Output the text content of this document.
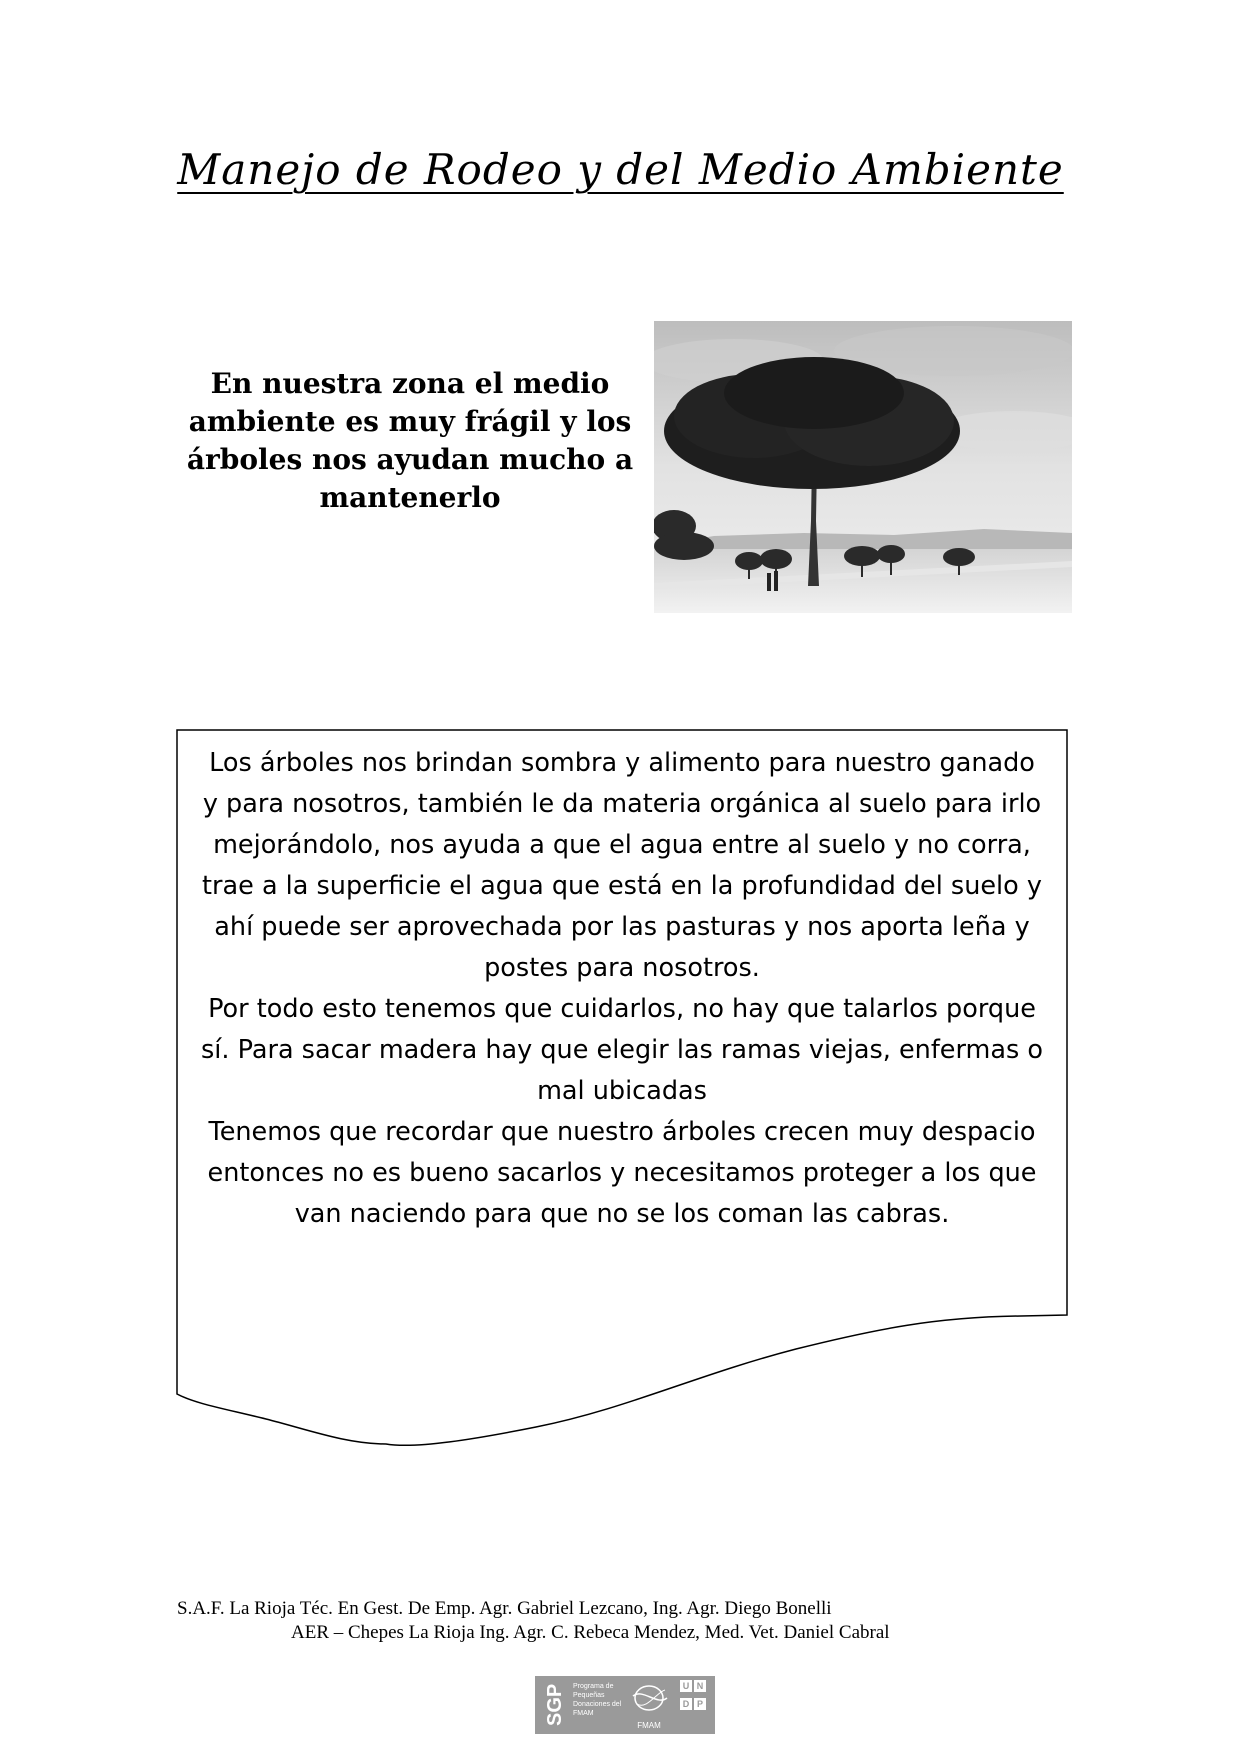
Manejo de Rodeo y del Medio Ambiente
En nuestra zona el medio ambiente es muy frágil y los árboles nos ayudan mucho a mantenerlo

Los árboles nos brindan sombra y alimento para nuestro ganado y para nosotros, también le da materia orgánica al suelo para irlo mejorándolo, nos ayuda a que el agua entre al suelo y no corra, trae a la superficie el agua que está en la profundidad del suelo y ahí puede ser aprovechada por las pasturas y nos aporta leña y postes para nosotros.

Por todo esto tenemos que cuidarlos, no hay que talarlos porque sí. Para sacar madera hay que elegir las ramas viejas, enfermas o mal ubicadas

Tenemos que recordar que nuestro árboles crecen muy despacio entonces no es bueno sacarlos y necesitamos proteger a los que van naciendo para que no se los coman las cabras.

S.A.F. La Rioja Téc. En Gest. De Emp. Agr. Gabriel Lezcano, Ing. Agr. Diego Bonelli
AER – Chepes La Rioja Ing. Agr. C. Rebeca Mendez, Med. Vet. Daniel Cabral
SGP	Programa de Pequeñas Donaciones del FMAM
FMAM
U ND P
